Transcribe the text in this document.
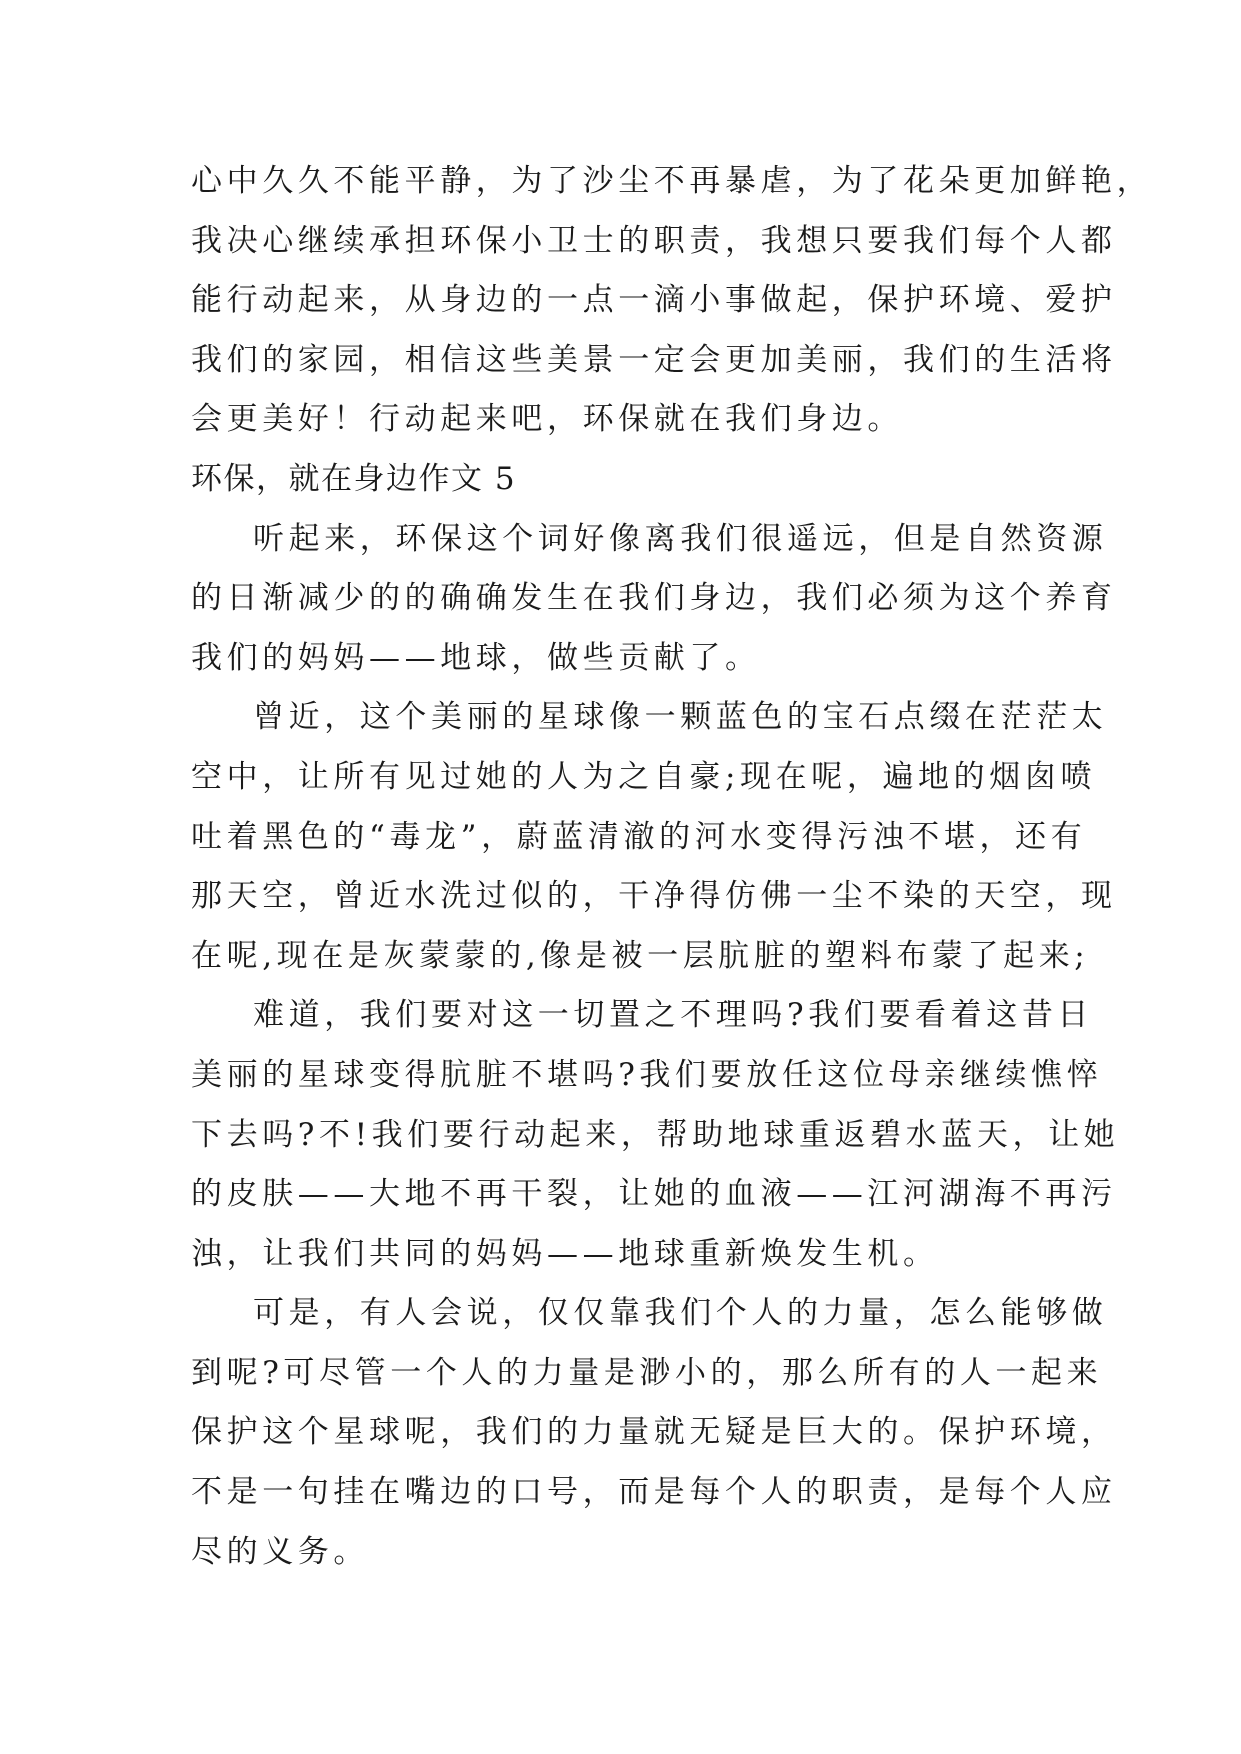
心中久久不能平静，为了沙尘不再暴虐，为了花朵更加鲜艳，
我决心继续承担环保小卫士的职责，我想只要我们每个人都
能行动起来，从身边的一点一滴小事做起，保护环境、爱护
我们的家园，相信这些美景一定会更加美丽，我们的生活将
会更美好！行动起来吧，环保就在我们身边。
环保，就在身边作文 5
听起来，环保这个词好像离我们很遥远，但是自然资源
的日渐减少的的确确发生在我们身边，我们必须为这个养育
我们的妈妈——地球，做些贡献了。
曾近，这个美丽的星球像一颗蓝色的宝石点缀在茫茫太
空中，让所有见过她的人为之自豪;现在呢，遍地的烟囱喷
吐着黑色的“毒龙”，蔚蓝清澈的河水变得污浊不堪，还有
那天空，曾近水洗过似的，干净得仿佛一尘不染的天空，现
在呢,现在是灰蒙蒙的,像是被一层肮脏的塑料布蒙了起来;
难道，我们要对这一切置之不理吗?我们要看着这昔日
美丽的星球变得肮脏不堪吗?我们要放任这位母亲继续憔悴
下去吗?不!我们要行动起来，帮助地球重返碧水蓝天，让她
的皮肤——大地不再干裂，让她的血液——江河湖海不再污
浊，让我们共同的妈妈——地球重新焕发生机。
可是，有人会说，仅仅靠我们个人的力量，怎么能够做
到呢?可尽管一个人的力量是渺小的，那么所有的人一起来
保护这个星球呢，我们的力量就无疑是巨大的。保护环境，
不是一句挂在嘴边的口号，而是每个人的职责，是每个人应
尽的义务。
